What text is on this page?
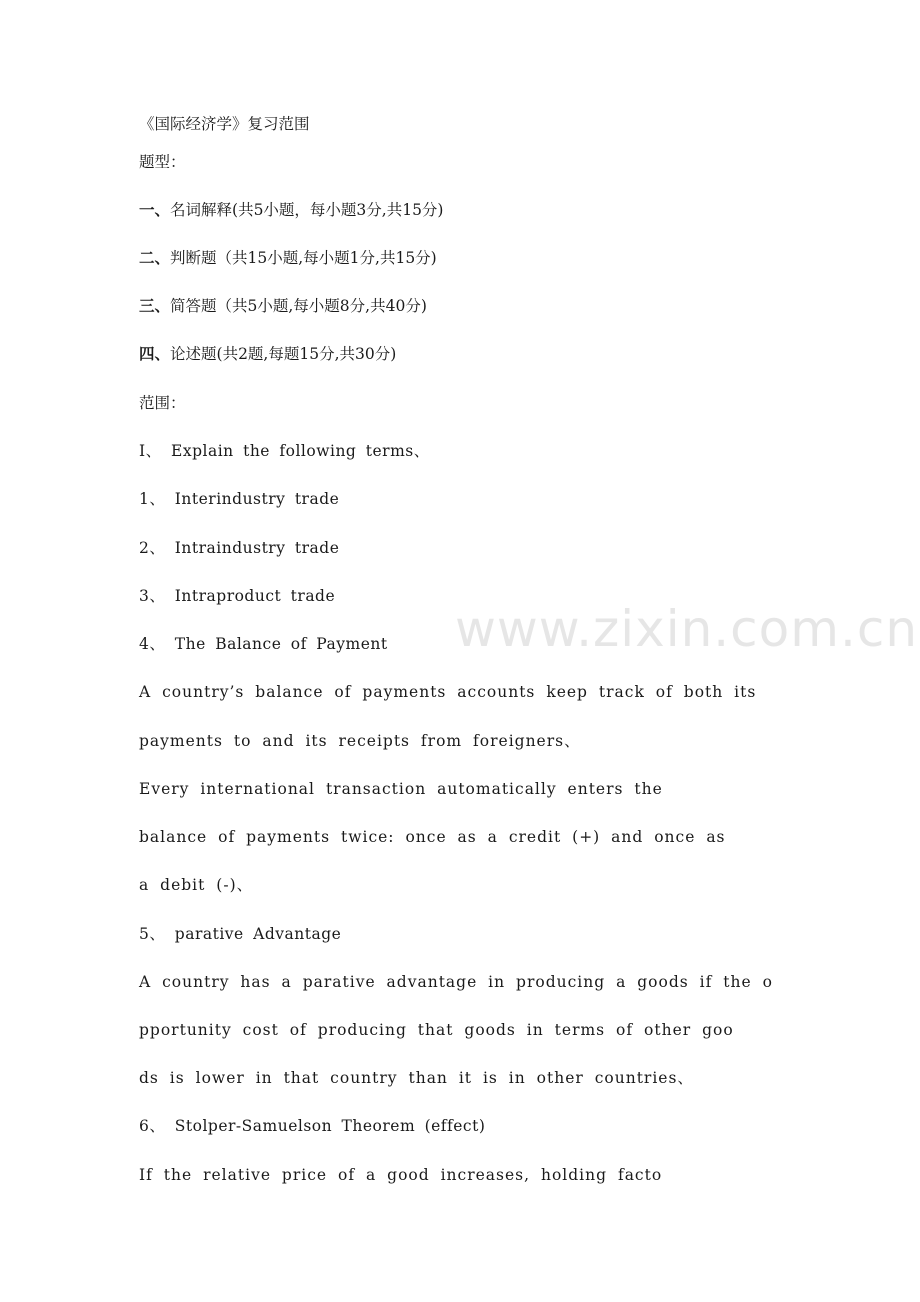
《国际经济学》复习范围
题型：
一、名词解释(共5小题，每小题3分,共15分)
二、判断题（共15小题,每小题1分,共15分)
三、简答题（共5小题,每小题8分,共40分)
四、论述题(共2题,每题15分,共30分)
范围：
I、 Explain the following terms、
1、 Interindustry trade
2、 Intraindustry trade
3、 Intraproduct trade
4、 The Balance of Payment
A country’s balance of payments accounts keep track of both its
payments to and its receipts from foreigners、
Every international transaction automatically enters the
balance of payments twice: once as a credit (+) and once as
a debit (-)、
5、 parative Advantage
A country has a parative advantage in producing a goods if the o
pportunity cost of producing that goods in terms of other goo
ds is lower in that country than it is in other countries、
6、 Stolper-Samuelson Theorem (effect)
If the relative price of a good increases, holding facto
www.zixin.com.cn
